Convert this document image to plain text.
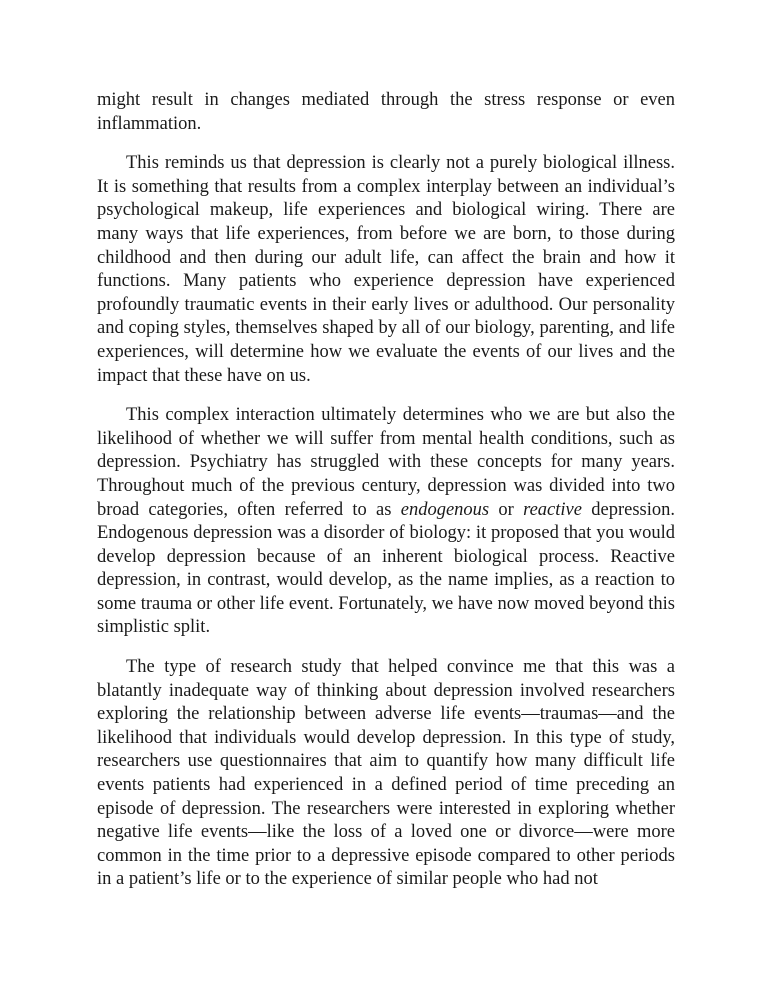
might result in changes mediated through the stress response or even inflammation.

This reminds us that depression is clearly not a purely biological illness. It is something that results from a complex interplay between an individual’s psychological makeup, life experiences and biological wiring. There are many ways that life experiences, from before we are born, to those during childhood and then during our adult life, can affect the brain and how it functions. Many patients who experience depression have experienced profoundly traumatic events in their early lives or adulthood. Our personality and coping styles, themselves shaped by all of our biology, parenting, and life experiences, will determine how we evaluate the events of our lives and the impact that these have on us.

This complex interaction ultimately determines who we are but also the likelihood of whether we will suffer from mental health conditions, such as depression. Psychiatry has struggled with these concepts for many years. Throughout much of the previous century, depression was divided into two broad categories, often referred to as endogenous or reactive depression. Endogenous depression was a disorder of biology: it proposed that you would develop depression because of an inherent biological process. Reactive depression, in contrast, would develop, as the name implies, as a reaction to some trauma or other life event. Fortunately, we have now moved beyond this simplistic split.

The type of research study that helped convince me that this was a blatantly inadequate way of thinking about depression involved researchers exploring the relationship between adverse life events—traumas—and the likelihood that individuals would develop depression. In this type of study, researchers use questionnaires that aim to quantify how many difficult life events patients had experienced in a defined period of time preceding an episode of depression. The researchers were interested in exploring whether negative life events—like the loss of a loved one or divorce—were more common in the time prior to a depressive episode compared to other periods in a patient’s life or to the experience of similar people who had not
